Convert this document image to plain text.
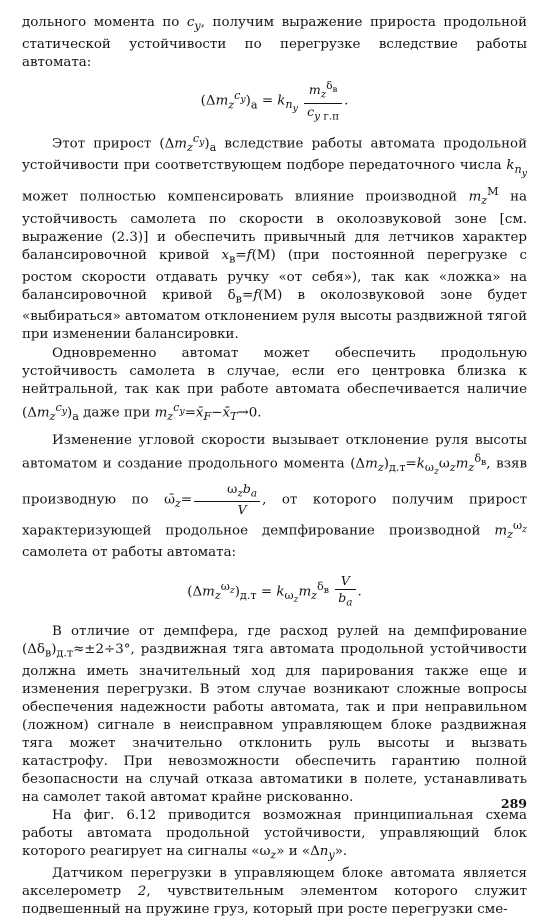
дольного момента по $c_y$, получим выражение прироста продольной статической устойчивости по перегрузке вследствие работы автомата:

$(\Delta m_z^{c_y})_а = k_{n_y} \frac{m_z^{\delta_в}}{c_{y г.п}}$ .

Этот прирост $(\Delta m_z^{c_y})_а$ вследствие работы автомата продольной устойчивости при соответствующем подборе передаточного числа $k_{n_y}$ может полностью компенсировать влияние производной $m_z^М$ на устойчивость самолета по скорости в околозвуковой зоне [см. выражение (2.3)] и обеспечить привычный для летчиков характер балансировочной кривой $x_в=f(М)$ (при постоянной перегрузке с ростом скорости отдавать ручку «от себя»), так как «ложка» на балансировочной кривой $\delta_в=f(М)$ в околозвуковой зоне будет «выбираться» автоматом отклонением руля высоты раздвижной тягой при изменении балансировки.

Одновременно автомат может обеспечить продольную устойчивость самолета в случае, если его центровка близка к нейтральной, так как при работе автомата обеспечивается наличие $(\Delta m_z^{c_y})_а$ даже при $m_z^{c_y}=x̄_F-x̄_T\to 0$.

Изменение угловой скорости вызывает отклонение руля высоты автоматом и создание продольного момента $(\Delta m_z)_{д.т}=k_{\omega_z}\omega_zm_z^{\delta_в}$, взяв производную по $\omegā_z= \frac{\omega_zb_a}{V}$ , от которого получим прирост характеризующей продольное демпфирование производной $m_z^{\omega_z}$ самолета от работы автомата:

$(\Delta m_z^{\omega_z})_{д.т} = k_{\omega_z}m_z^{\delta_в} \frac{V}{b_a}$ .

В отличие от демпфера, где расход рулей на демпфирование $(\Delta\delta_в)_{д.т}\approx\pm 2\div 3^\circ$, раздвижная тяга автомата продольной устойчивости должна иметь значительный ход для парирования также еще и изменения перегрузки. В этом случае возникают сложные вопросы обеспечения надежности работы автомата, так и при неправильном (ложном) сигнале в неисправном управляющем блоке раздвижная тяга может значительно отклонить руль высоты и вызвать катастрофу. При невозможности обеспечить гарантию полной безопасности на случай отказа автоматики в полете, устанавливать на самолет такой автомат крайне рискованно.

На фиг. 6.12 приводится возможная принципиальная схема работы автомата продольной устойчивости, управляющий блок которого реагирует на сигналы «$\omega_z$» и «$\Delta n_y$».

Датчиком перегрузки в управляющем блоке автомата является акселерометр 2, чувствительным элементом которого служит подвешенный на пружине груз, который при росте перегрузки сме-

289
